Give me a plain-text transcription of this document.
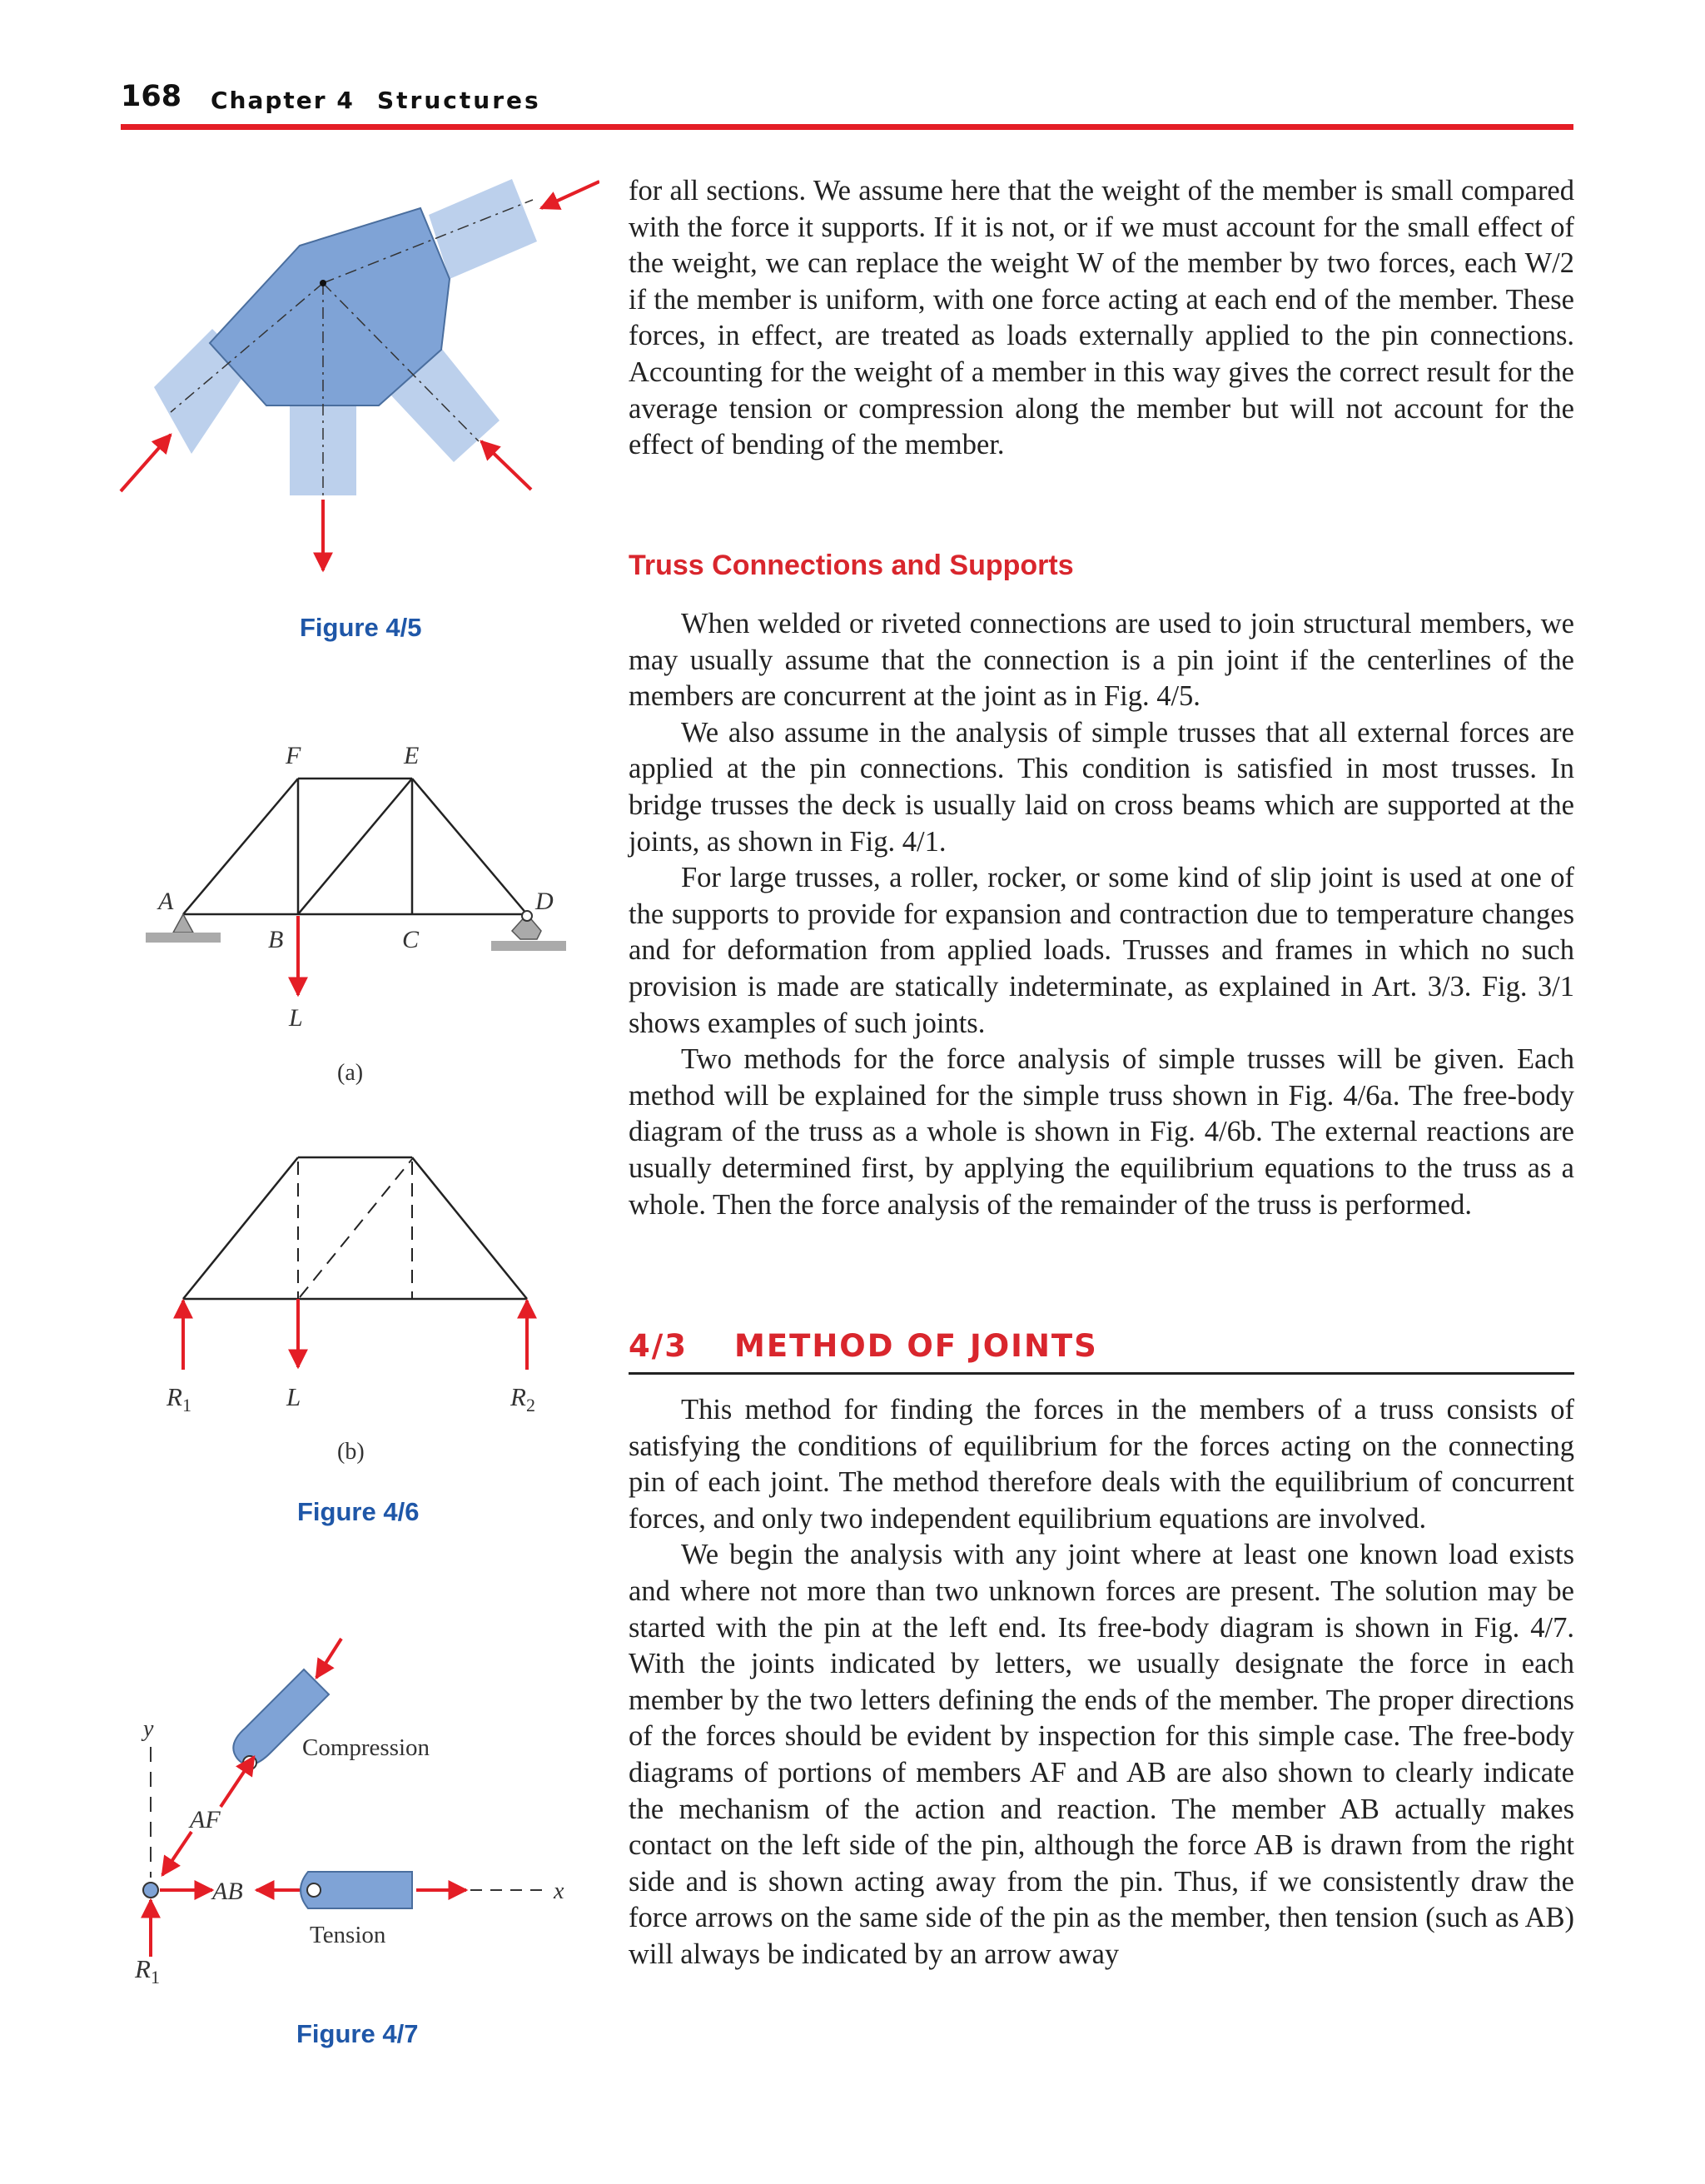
168 Chapter 4 Structures

for all sections. We assume here that the weight of the member is small compared with the force it supports. If it is not, or if we must account for the small effect of the weight, we can replace the weight W of the member by two forces, each W/2 if the member is uniform, with one force acting at each end of the member. These forces, in effect, are treated as loads externally applied to the pin connections. Accounting for the weight of a member in this way gives the correct result for the average tension or compression along the member but will not account for the effect of bending of the member.

Truss Connections and Supports

When welded or riveted connections are used to join structural members, we may usually assume that the connection is a pin joint if the centerlines of the members are concurrent at the joint as in Fig. 4/5.

We also assume in the analysis of simple trusses that all external forces are applied at the pin connections. This condition is satisfied in most trusses. In bridge trusses the deck is usually laid on cross beams which are supported at the joints, as shown in Fig. 4/1.

For large trusses, a roller, rocker, or some kind of slip joint is used at one of the supports to provide for expansion and contraction due to temperature changes and for deformation from applied loads. Trusses and frames in which no such provision is made are statically indeterminate, as explained in Art. 3/3. Fig. 3/1 shows examples of such joints.

Two methods for the force analysis of simple trusses will be given. Each method will be explained for the simple truss shown in Fig. 4/6a. The free-body diagram of the truss as a whole is shown in Fig. 4/6b. The external reactions are usually determined first, by applying the equilibrium equations to the truss as a whole. Then the force analysis of the remainder of the truss is performed.

4/3 METHOD OF JOINTS

This method for finding the forces in the members of a truss consists of satisfying the conditions of equilibrium for the forces acting on the connecting pin of each joint. The method therefore deals with the equilibrium of concurrent forces, and only two independent equilibrium equations are involved.

We begin the analysis with any joint where at least one known load exists and where not more than two unknown forces are present. The solution may be started with the pin at the left end. Its free-body diagram is shown in Fig. 4/7. With the joints indicated by letters, we usually designate the force in each member by the two letters defining the ends of the member. The proper directions of the forces should be evident by inspection for this simple case. The free-body diagrams of portions of members AF and AB are also shown to clearly indicate the mechanism of the action and reaction. The member AB actually makes contact on the left side of the pin, although the force AB is drawn from the right side and is shown acting away from the pin. Thus, if we consistently draw the force arrows on the same side of the pin as the member, then tension (such as AB) will always be indicated by an arrow away

Figure 4/5
Figure 4/6
Figure 4/7
F	E
A	D
B	C
L
(a)
$R_1$	L	$R_2$
(b)
y
x
Compression
AF
AB
$R_1$
Tension
